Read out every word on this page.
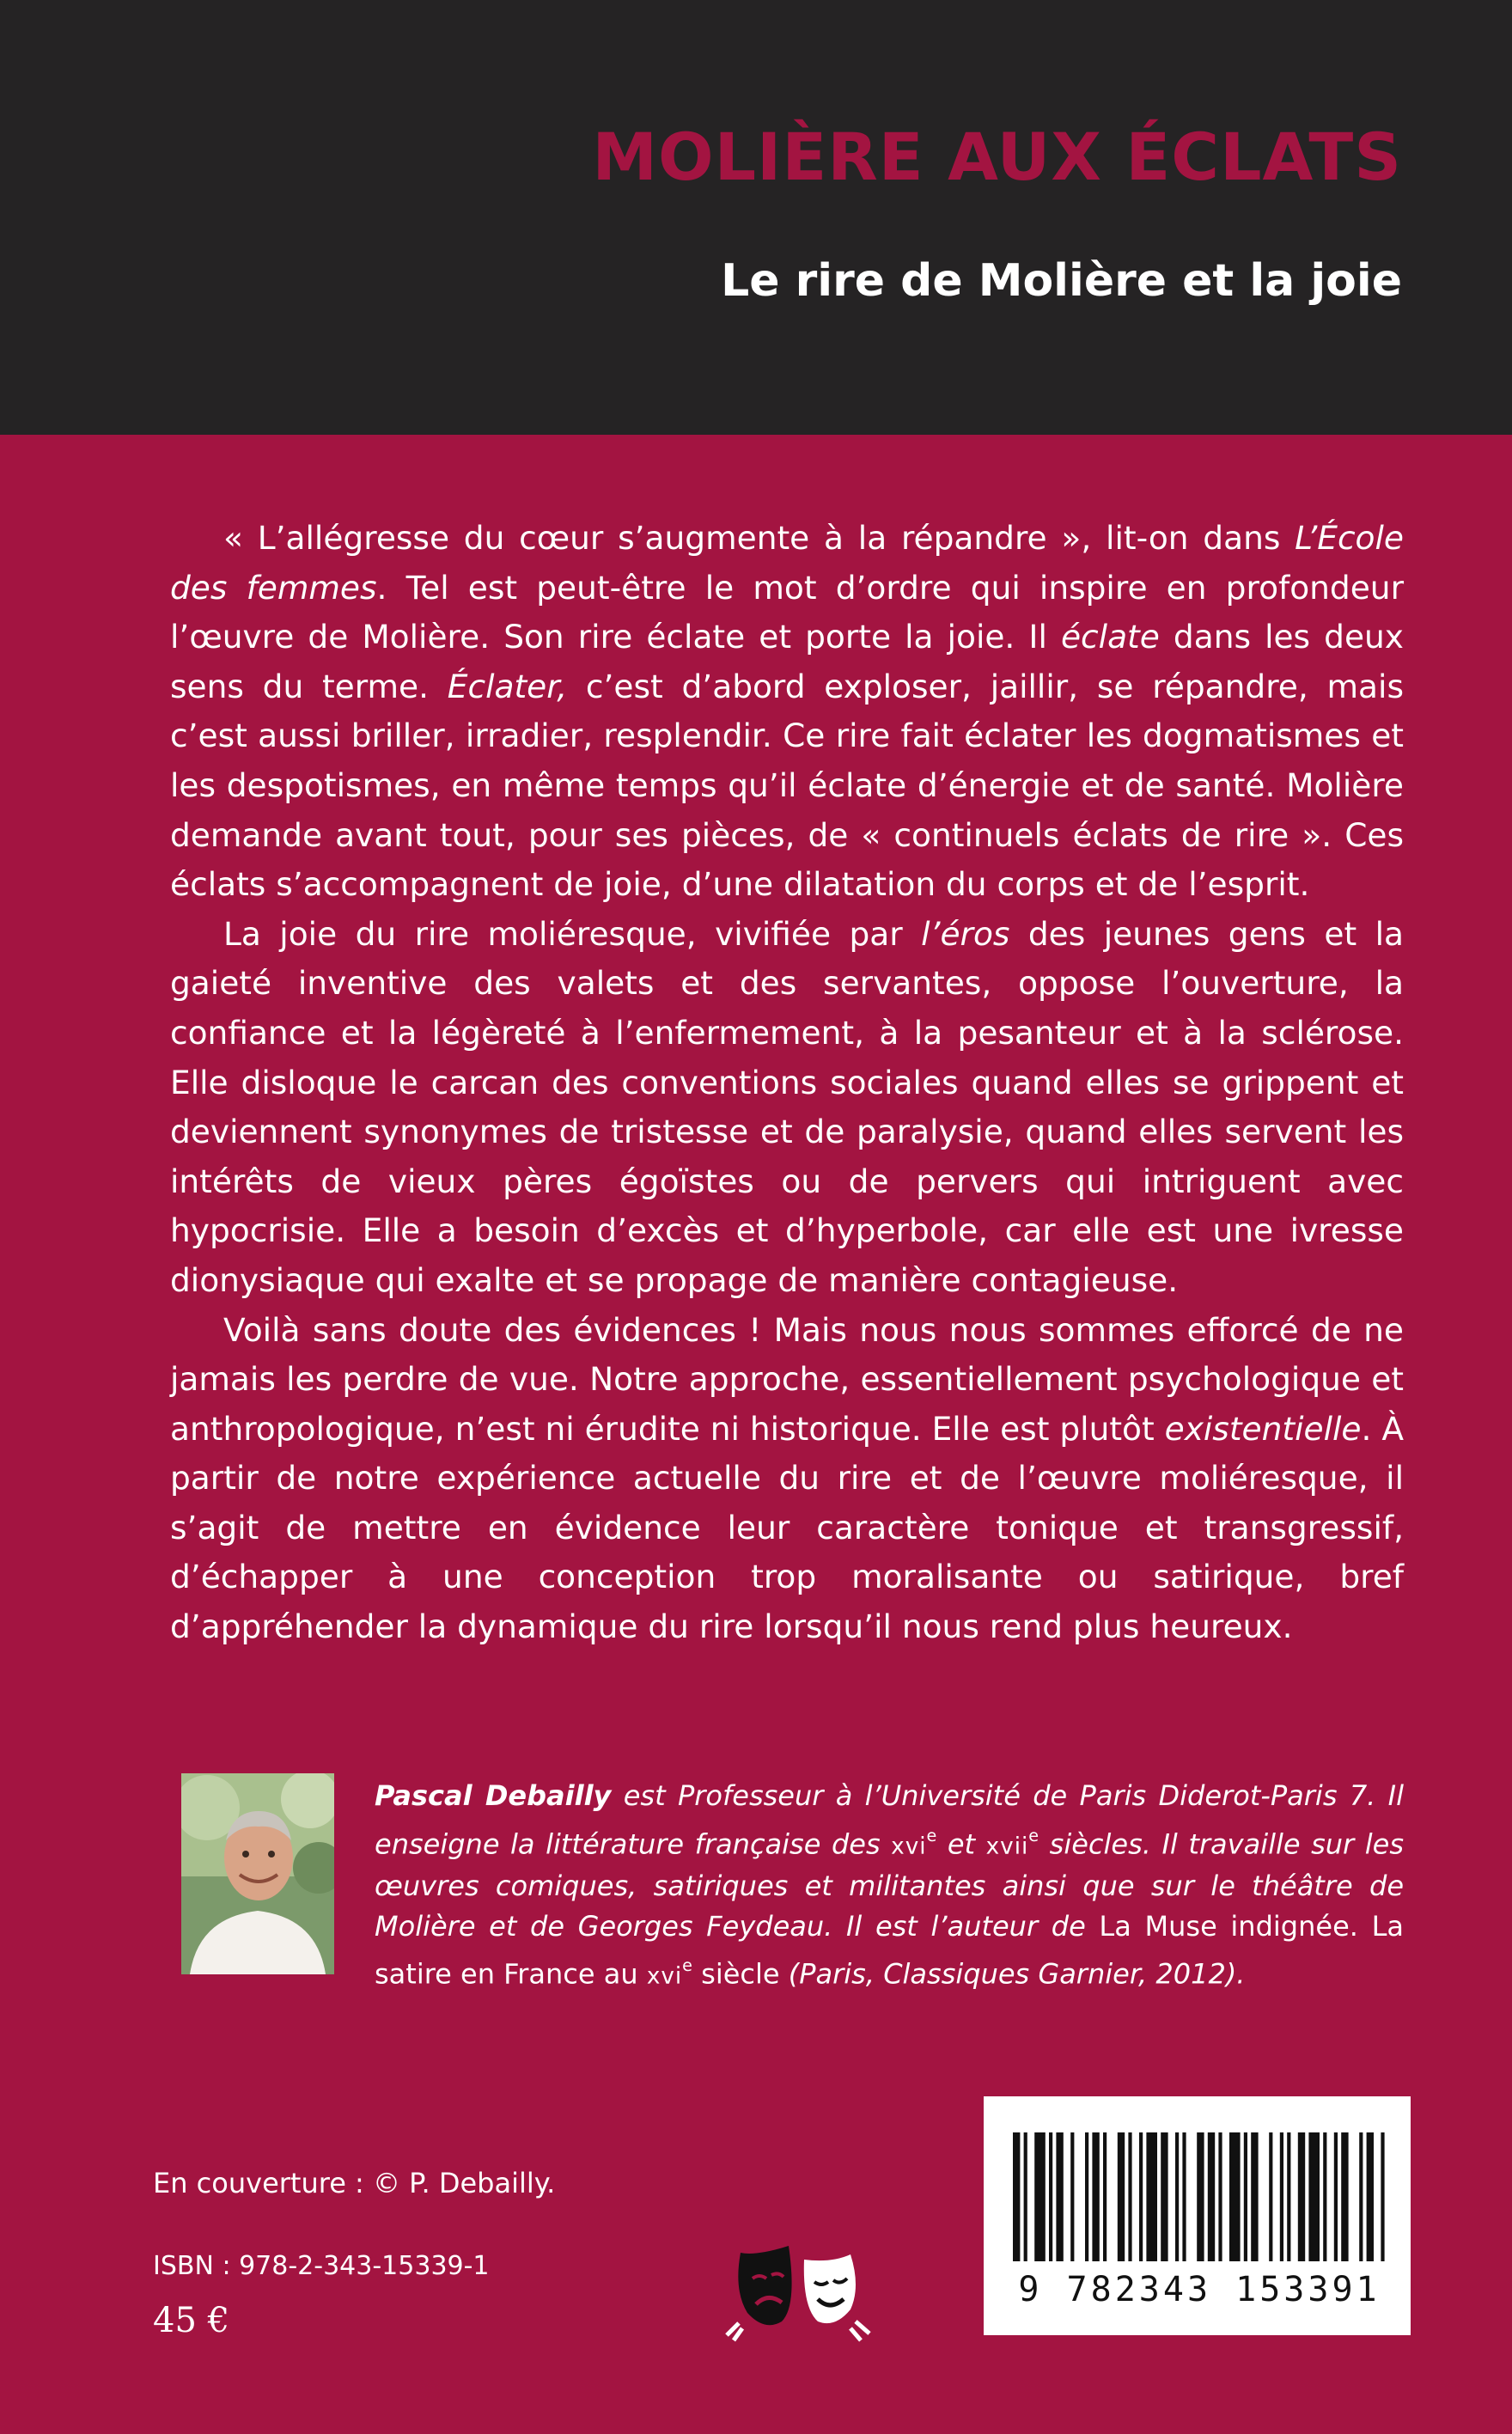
MOLIÈRE AUX ÉCLATS
Le rire de Molière et la joie

« L’allégresse du cœur s’augmente à la répandre », lit-on dans L’École des femmes. Tel est peut-être le mot d’ordre qui inspire en profondeur l’œuvre de Molière. Son rire éclate et porte la joie. Il éclate dans les deux sens du terme. Éclater, c’est d’abord exploser, jaillir, se répandre, mais c’est aussi briller, irradier, resplendir. Ce rire fait éclater les dogmatismes et les despotismes, en même temps qu’il éclate d’énergie et de santé. Molière demande avant tout, pour ses pièces, de « continuels éclats de rire ». Ces éclats s’accompagnent de joie, d’une dilatation du corps et de l’esprit.

La joie du rire moliéresque, vivifiée par l’éros des jeunes gens et la gaieté inventive des valets et des servantes, oppose l’ouverture, la confiance et la légèreté à l’enfermement, à la pesanteur et à la sclérose. Elle disloque le carcan des conventions sociales quand elles se grippent et deviennent synonymes de tristesse et de paralysie, quand elles servent les intérêts de vieux pères égoïstes ou de pervers qui intriguent avec hypocrisie. Elle a besoin d’excès et d’hyperbole, car elle est une ivresse dionysiaque qui exalte et se propage de manière contagieuse.

Voilà sans doute des évidences ! Mais nous nous sommes efforcé de ne jamais les perdre de vue. Notre approche, essentiellement psychologique et anthropologique, n’est ni érudite ni historique. Elle est plutôt existentielle. À partir de notre expérience actuelle du rire et de l’œuvre moliéresque, il s’agit de mettre en évidence leur caractère tonique et transgressif, d’échapper à une conception trop moralisante ou satirique, bref d’appréhender la dynamique du rire lorsqu’il nous rend plus heureux.

Pascal Debailly est Professeur à l’Université de Paris Diderot-Paris 7. Il enseigne la littérature française des xvi$^e$ et xvii$^e$ siècles. Il travaille sur les œuvres comiques, satiriques et militantes ainsi que sur le théâtre de Molière et de Georges Feydeau. Il est l’auteur de La Muse indignée. La satire en France au xvi$^e$ siècle (Paris, Classiques Garnier, 2012).

En couverture : © P. Debailly.
ISBN : 978-2-343-15339-1
45 €
9 782343 153391
